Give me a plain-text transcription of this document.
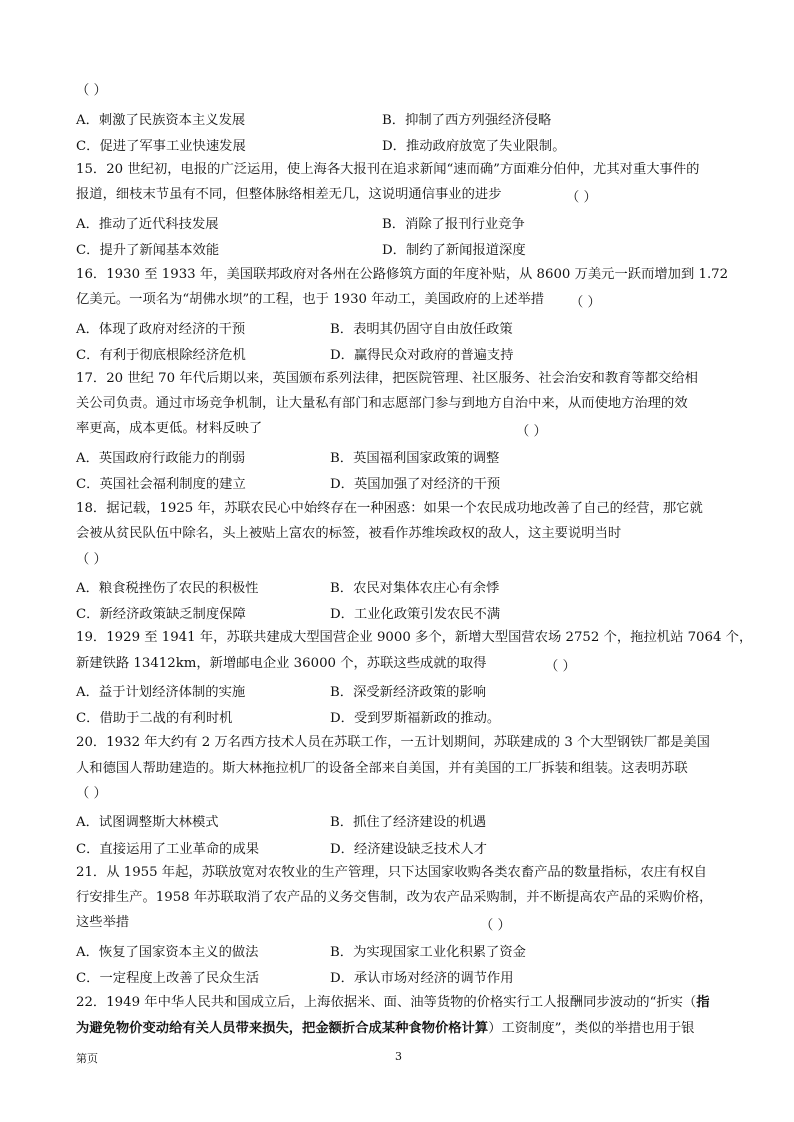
（ ）
A．刺激了民族资本主义发展	B．抑制了西方列强经济侵略
C．促进了军事工业快速发展	D．推动政府放宽了失业限制。
15．20 世纪初，电报的广泛运用，使上海各大报刊在追求新闻“速而确”方面难分伯仲，尤其对重大事件的
报道，细枝末节虽有不同，但整体脉络相差无几，这说明通信事业的进步	（ ）
A．推动了近代科技发展	B．消除了报刊行业竞争
C．提升了新闻基本效能	D．制约了新闻报道深度
16．1930 至 1933 年，美国联邦政府对各州在公路修筑方面的年度补贴，从 8600 万美元一跃而增加到 1.72
亿美元。一项名为“胡佛水坝”的工程，也于 1930 年动工，美国政府的上述举措 （ ）
A．体现了政府对经济的干预	B．表明其仍固守自由放任政策
C．有利于彻底根除经济危机	D．赢得民众对政府的普遍支持
17．20 世纪 70 年代后期以来，英国颁布系列法律，把医院管理、社区服务、社会治安和教育等都交给相
关公司负责。通过市场竞争机制，让大量私有部门和志愿部门参与到地方自治中来，从而使地方治理的效
率更高，成本更低。材料反映了	（ ）
A．英国政府行政能力的削弱	B．英国福利国家政策的调整
C．英国社会福利制度的建立	D．英国加强了对经济的干预
18．据记载，1925 年，苏联农民心中始终存在一种困惑：如果一个农民成功地改善了自己的经营，那它就
会被从贫民队伍中除名，头上被贴上富农的标签，被看作苏维埃政权的敌人，这主要说明当时
（ ）
A．粮食税挫伤了农民的积极性	B．农民对集体农庄心有余悸
C．新经济政策缺乏制度保障	D．工业化政策引发农民不满
19．1929 至 1941 年，苏联共建成大型国营企业 9000 多个，新增大型国营农场 2752 个，拖拉机站 7064 个，
新建铁路 13412km，新增邮电企业 36000 个，苏联这些成就的取得	（ ）
A．益于计划经济体制的实施	B．深受新经济政策的影响
C．借助于二战的有利时机	D．受到罗斯福新政的推动。
20．1932 年大约有 2 万名西方技术人员在苏联工作，一五计划期间，苏联建成的 3 个大型钢铁厂都是美国
人和德国人帮助建造的。斯大林拖拉机厂的设备全部来自美国，并有美国的工厂拆装和组装。这表明苏联
（ ）
A．试图调整斯大林模式	B．抓住了经济建设的机遇
C．直接运用了工业革命的成果	D．经济建设缺乏技术人才
21．从 1955 年起，苏联放宽对农牧业的生产管理，只下达国家收购各类农畜产品的数量指标，农庄有权自
行安排生产。1958 年苏联取消了农产品的义务交售制，改为农产品采购制，并不断提高农产品的采购价格，
这些举措	（ ）
A．恢复了国家资本主义的做法	B．为实现国家工业化积累了资金
C．一定程度上改善了民众生活	D．承认市场对经济的调节作用
22．1949 年中华人民共和国成立后，上海依据米、面、油等货物的价格实行工人报酬同步波动的“折实（指
为避免物价变动给有关人员带来损失，把金额折合成某种食物价格计算）工资制度”，类似的举措也用于银
第页	3
